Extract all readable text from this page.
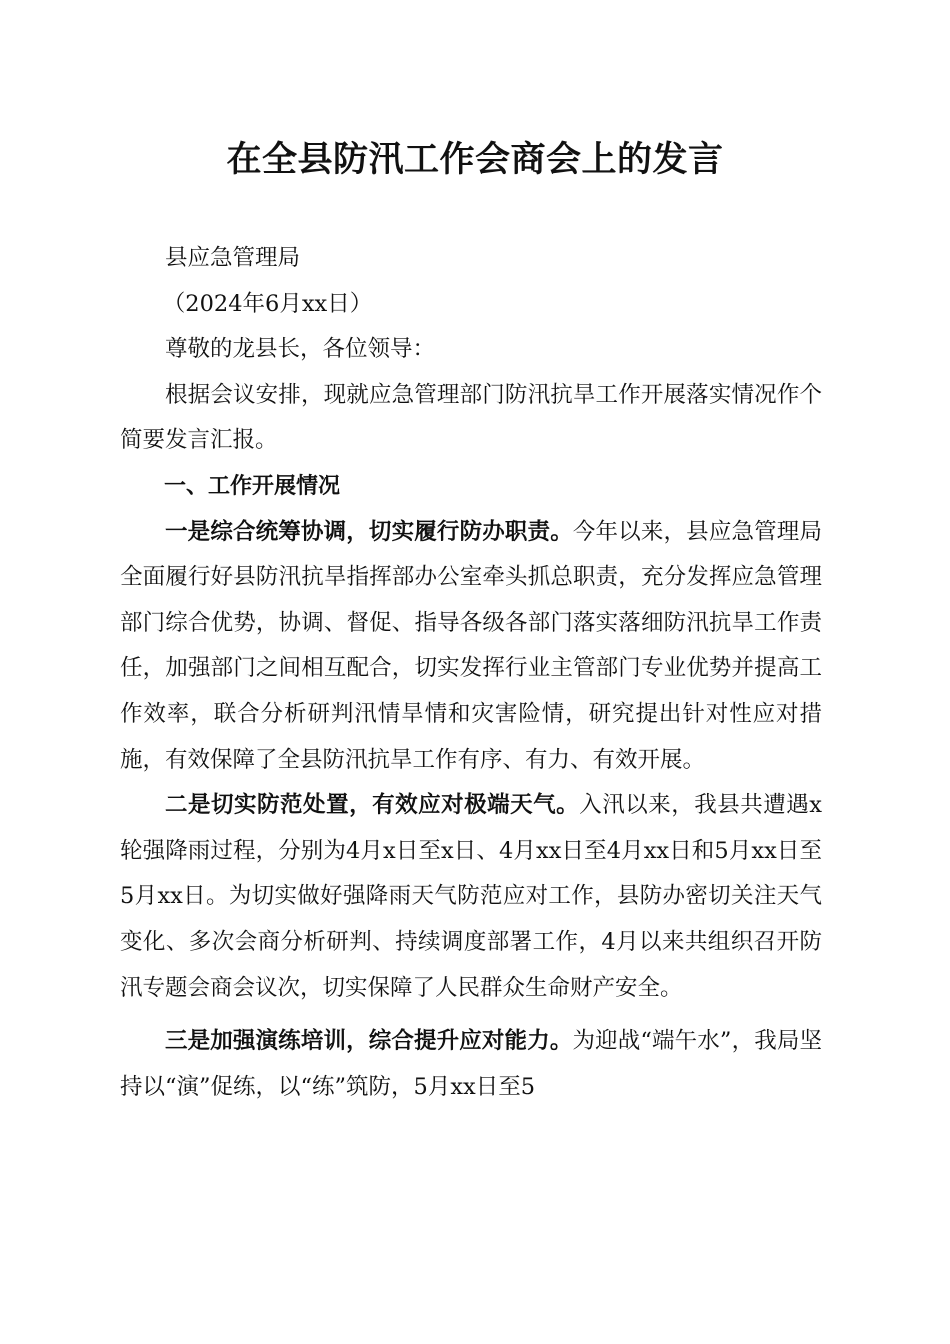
在全县防汛工作会商会上的发言

县应急管理局

（2024年6月xx日）

尊敬的龙县长，各位领导：

根据会议安排，现就应急管理部门防汛抗旱工作开展落实情况作个简要发言汇报。

一、工作开展情况

一是综合统筹协调，切实履行防办职责。今年以来，县应急管理局全面履行好县防汛抗旱指挥部办公室牵头抓总职责，充分发挥应急管理部门综合优势，协调、督促、指导各级各部门落实落细防汛抗旱工作责任，加强部门之间相互配合，切实发挥行业主管部门专业优势并提高工作效率，联合分析研判汛情旱情和灾害险情，研究提出针对性应对措施，有效保障了全县防汛抗旱工作有序、有力、有效开展。

二是切实防范处置，有效应对极端天气。入汛以来，我县共遭遇x轮强降雨过程，分别为4月x日至x日、4月xx日至4月xx日和5月xx日至5月xx日。为切实做好强降雨天气防范应对工作，县防办密切关注天气变化、多次会商分析研判、持续调度部署工作，4月以来共组织召开防汛专题会商会议次，切实保障了人民群众生命财产安全。

三是加强演练培训，综合提升应对能力。为迎战“端午水”，我局坚持以“演”促练，以“练”筑防，5月xx日至5
